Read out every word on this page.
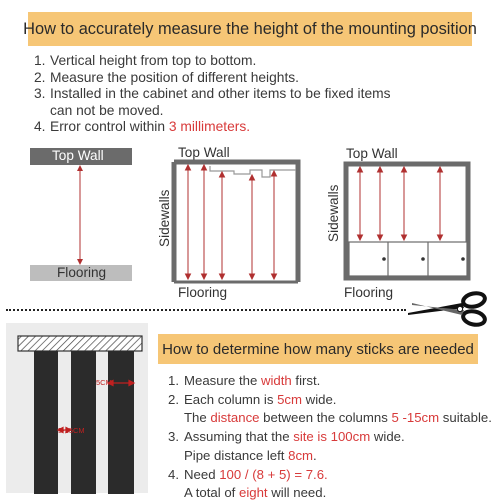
How to accurately measure the height of the mounting position
1. Vertical height from top to bottom.
2. Measure the position of different heights.
3. Installed in the cabinet and other items to be fixed items
can not be moved.
4. Error control within 3 millimeters.
Top Wall
Flooring
Top Wall
Sidewalls
Flooring
Top Wall
Sidewalls
Flooring
5CM
5-15CM
How to determine how many sticks are needed
1. Measure the width first.
2. Each column is 5cm wide.
The distance between the columns 5 -15cm suitable.
3. Assuming that the site is 100cm wide.
Pipe distance left 8cm.
4. Need 100 / (8 + 5) = 7.6.
A total of eight will need.
